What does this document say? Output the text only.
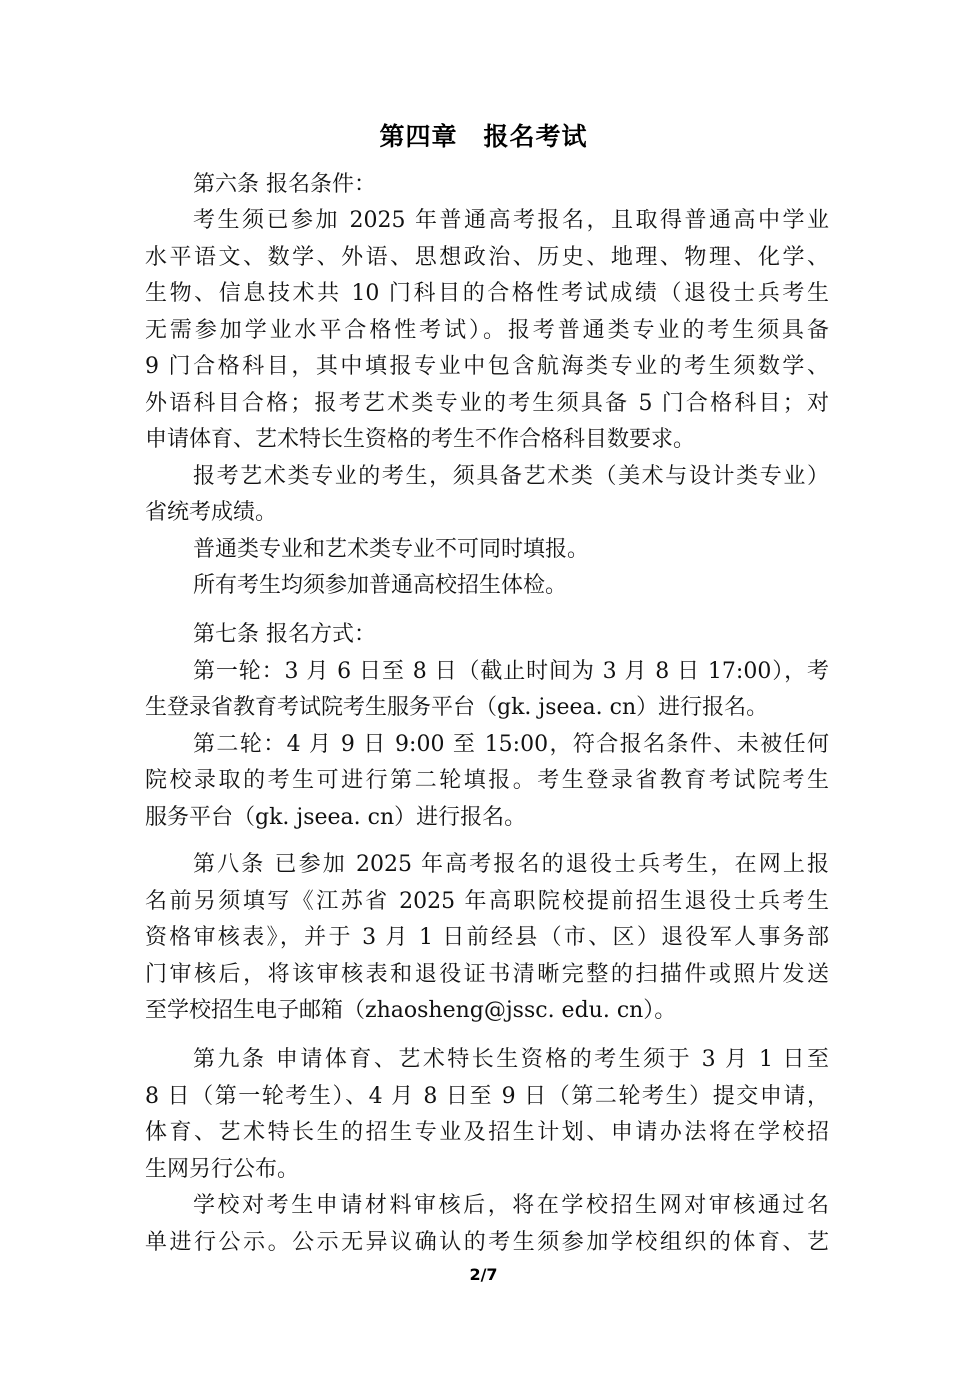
第四章　报名考试
第六条 报名条件：
考生须已参加 2025 年普通高考报名，且取得普通高中学业
水平语文、数学、外语、思想政治、历史、地理、物理、化学、
生物、信息技术共 10 门科目的合格性考试成绩（退役士兵考生
无需参加学业水平合格性考试）。报考普通类专业的考生须具备
9 门合格科目，其中填报专业中包含航海类专业的考生须数学、
外语科目合格；报考艺术类专业的考生须具备 5 门合格科目；对
申请体育、艺术特长生资格的考生不作合格科目数要求。
报考艺术类专业的考生，须具备艺术类（美术与设计类专业）
省统考成绩。
普通类专业和艺术类专业不可同时填报。
所有考生均须参加普通高校招生体检。
第七条 报名方式：
第一轮：3 月 6 日至 8 日（截止时间为 3 月 8 日 17:00），考
生登录省教育考试院考生服务平台（gk. jseea. cn）进行报名。
第二轮：4 月 9 日 9:00 至 15:00，符合报名条件、未被任何
院校录取的考生可进行第二轮填报。考生登录省教育考试院考生
服务平台（gk. jseea. cn）进行报名。
第八条 已参加 2025 年高考报名的退役士兵考生，在网上报
名前另须填写《江苏省 2025 年高职院校提前招生退役士兵考生
资格审核表》，并于 3 月 1 日前经县（市、区）退役军人事务部
门审核后，将该审核表和退役证书清晰完整的扫描件或照片发送
至学校招生电子邮箱（zhaosheng@jssc. edu. cn）。
第九条 申请体育、艺术特长生资格的考生须于 3 月 1 日至
8 日（第一轮考生）、4 月 8 日至 9 日（第二轮考生）提交申请，
体育、艺术特长生的招生专业及招生计划、申请办法将在学校招
生网另行公布。
学校对考生申请材料审核后，将在学校招生网对审核通过名
单进行公示。公示无异议确认的考生须参加学校组织的体育、艺
2/7
